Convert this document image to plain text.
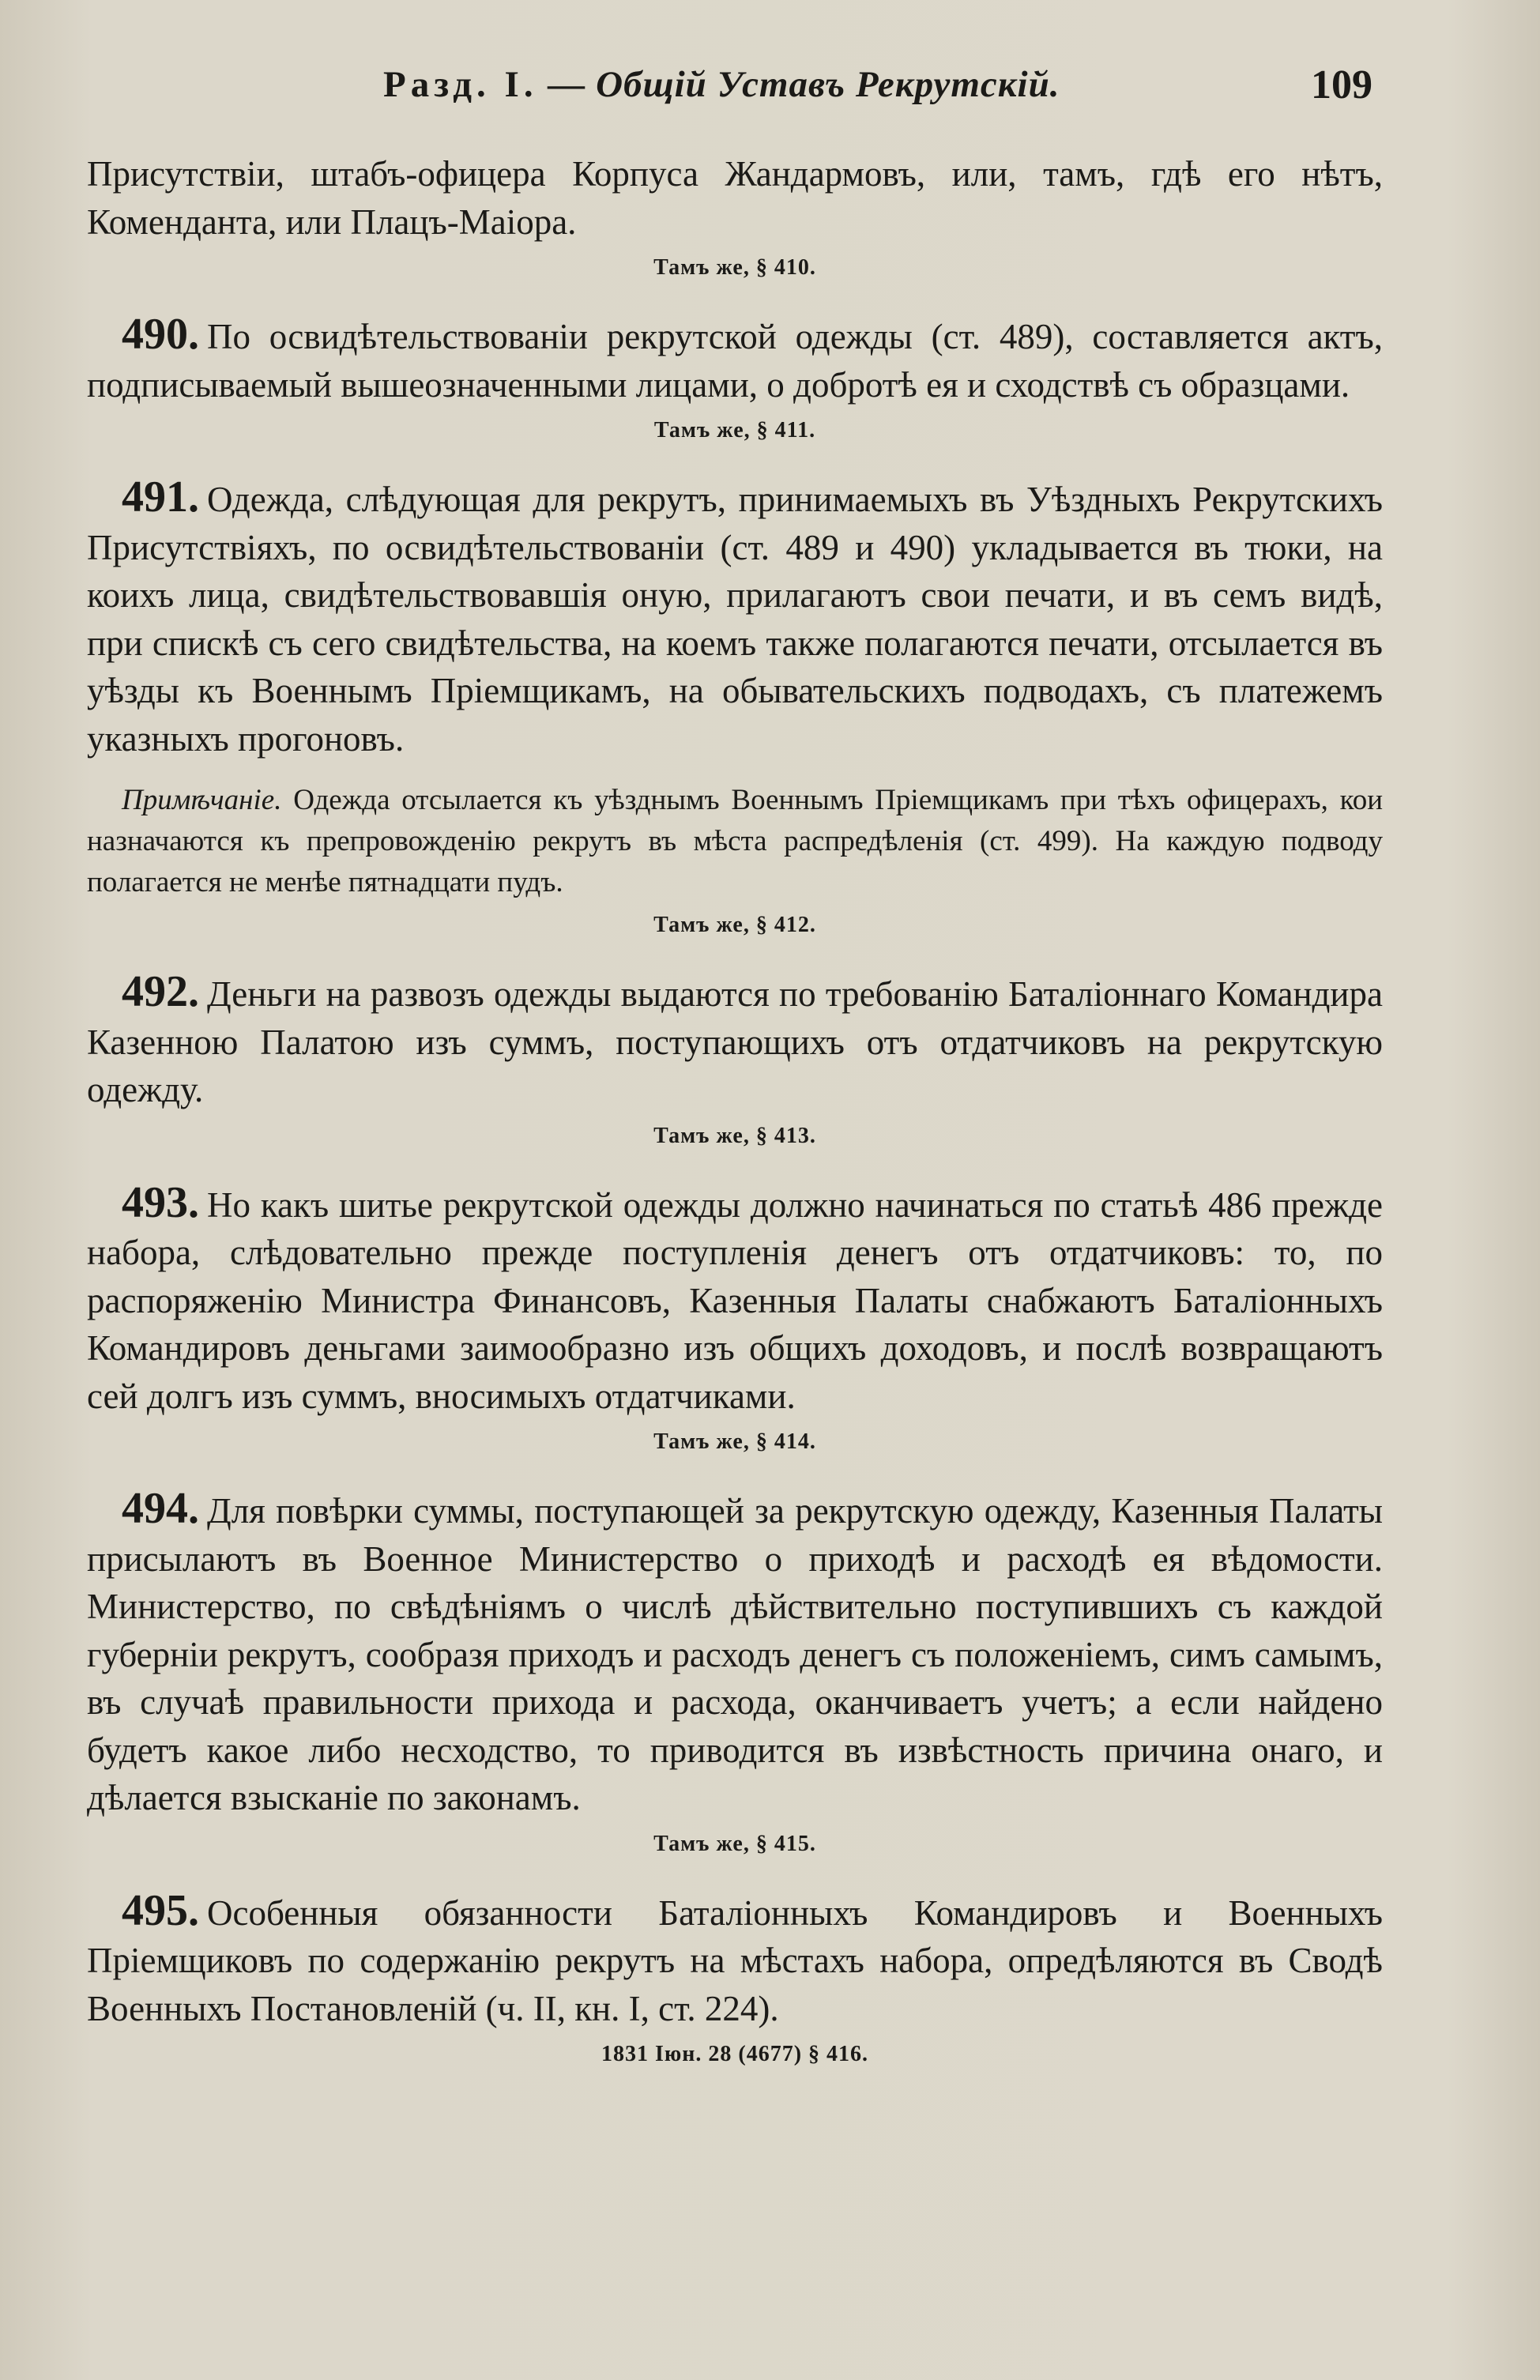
Разд. I. — Общій Уставъ Рекрутскій.	109

Присутствіи, штабъ-офицера Корпуса Жандармовъ, или, тамъ, гдѣ его нѣтъ, Коменданта, или Плацъ-Маіора.

Тамъ же, § 410.

490. По освидѣтельствованіи рекрутской одежды (ст. 489), составляется актъ, подписываемый вышеозначенными лицами, о добротѣ ея и сходствѣ съ образцами.

Тамъ же, § 411.

491. Одежда, слѣдующая для рекрутъ, принимаемыхъ въ Уѣздныхъ Рекрутскихъ Присутствіяхъ, по освидѣтельствованіи (ст. 489 и 490) укладывается въ тюки, на коихъ лица, свидѣтельствовавшія оную, прилагаютъ свои печати, и въ семъ видѣ, при спискѣ съ сего свидѣтельства, на коемъ также полагаются печати, отсылается въ уѣзды къ Военнымъ Пріемщикамъ, на обывательскихъ подводахъ, съ платежемъ указныхъ прогоновъ.

Примѣчаніе. Одежда отсылается къ уѣзднымъ Военнымъ Пріемщикамъ при тѣхъ офицерахъ, кои назначаются къ препровожденію рекрутъ въ мѣста распредѣленія (ст. 499). На каждую подводу полагается не менѣе пятнадцати пудъ.

Тамъ же, § 412.

492. Деньги на развозъ одежды выдаются по требованію Баталіоннаго Командира Казенною Палатою изъ суммъ, поступающихъ отъ отдатчиковъ на рекрутскую одежду.

Тамъ же, § 413.

493. Но какъ шитье рекрутской одежды должно начинаться по статьѣ 486 прежде набора, слѣдовательно прежде поступленія денегъ отъ отдатчиковъ: то, по распоряженію Министра Финансовъ, Казенныя Палаты снабжаютъ Баталіонныхъ Командировъ деньгами заимообразно изъ общихъ доходовъ, и послѣ возвращаютъ сей долгъ изъ суммъ, вносимыхъ отдатчиками.

Тамъ же, § 414.

494. Для повѣрки суммы, поступающей за рекрутскую одежду, Казенныя Палаты присылаютъ въ Военное Министерство о приходѣ и расходѣ ея вѣдомости. Министерство, по свѣдѣніямъ о числѣ дѣйствительно поступившихъ съ каждой губерніи рекрутъ, сообразя приходъ и расходъ денегъ съ положеніемъ, симъ самымъ, въ случаѣ правильности прихода и расхода, оканчиваетъ учетъ; а если найдено будетъ какое либо несходство, то приводится въ извѣстность причина онаго, и дѣлается взысканіе по законамъ.

Тамъ же, § 415.

495. Особенныя обязанности Баталіонныхъ Командировъ и Военныхъ Пріемщиковъ по содержанію рекрутъ на мѣстахъ набора, опредѣляются въ Сводѣ Военныхъ Постановленій (ч. II, кн. I, ст. 224).

1831 Іюн. 28 (4677) § 416.
